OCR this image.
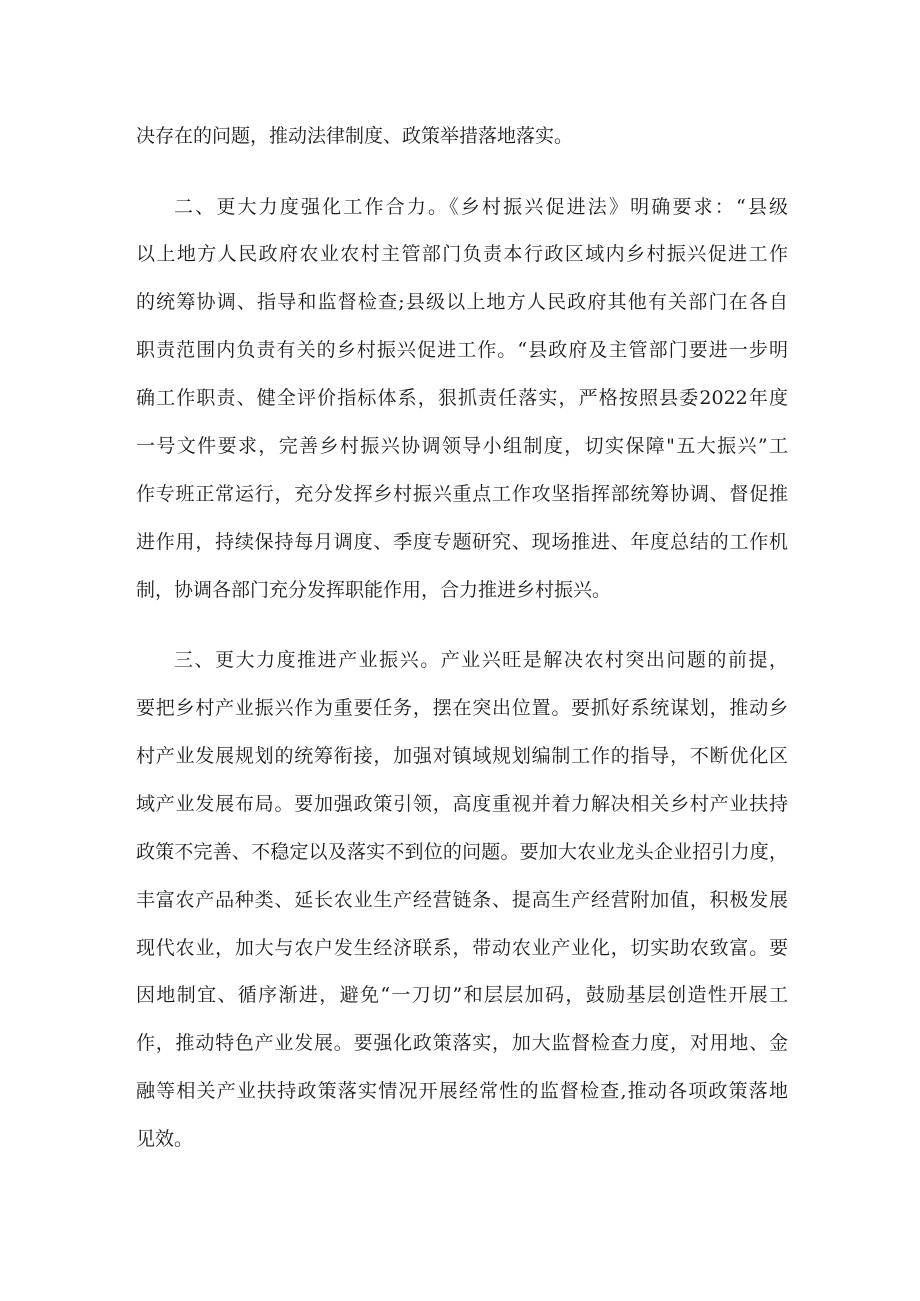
决存在的问题，推动法律制度、政策举措落地落实。
二、更大力度强化工作合力。《乡村振兴促进法》明确要求：“县级
以上地方人民政府农业农村主管部门负责本行政区域内乡村振兴促进工作
的统筹协调、指导和监督检查;县级以上地方人民政府其他有关部门在各自
职责范围内负责有关的乡村振兴促进工作。“县政府及主管部门要进一步明
确工作职责、健全评价指标体系，狠抓责任落实，严格按照县委2022年度
一号文件要求，完善乡村振兴协调领导小组制度，切实保障"五大振兴”工
作专班正常运行，充分发挥乡村振兴重点工作攻坚指挥部统筹协调、督促推
进作用，持续保持每月调度、季度专题研究、现场推进、年度总结的工作机
制，协调各部门充分发挥职能作用，合力推进乡村振兴。
三、更大力度推进产业振兴。产业兴旺是解决农村突出问题的前提，
要把乡村产业振兴作为重要任务，摆在突出位置。要抓好系统谋划，推动乡
村产业发展规划的统筹衔接，加强对镇域规划编制工作的指导，不断优化区
域产业发展布局。要加强政策引领，高度重视并着力解决相关乡村产业扶持
政策不完善、不稳定以及落实不到位的问题。要加大农业龙头企业招引力度，
丰富农产品种类、延长农业生产经营链条、提高生产经营附加值，积极发展
现代农业，加大与农户发生经济联系，带动农业产业化，切实助农致富。要
因地制宜、循序渐进，避免“一刀切”和层层加码，鼓励基层创造性开展工
作，推动特色产业发展。要强化政策落实，加大监督检查力度，对用地、金
融等相关产业扶持政策落实情况开展经常性的监督检查,推动各项政策落地
见效。
